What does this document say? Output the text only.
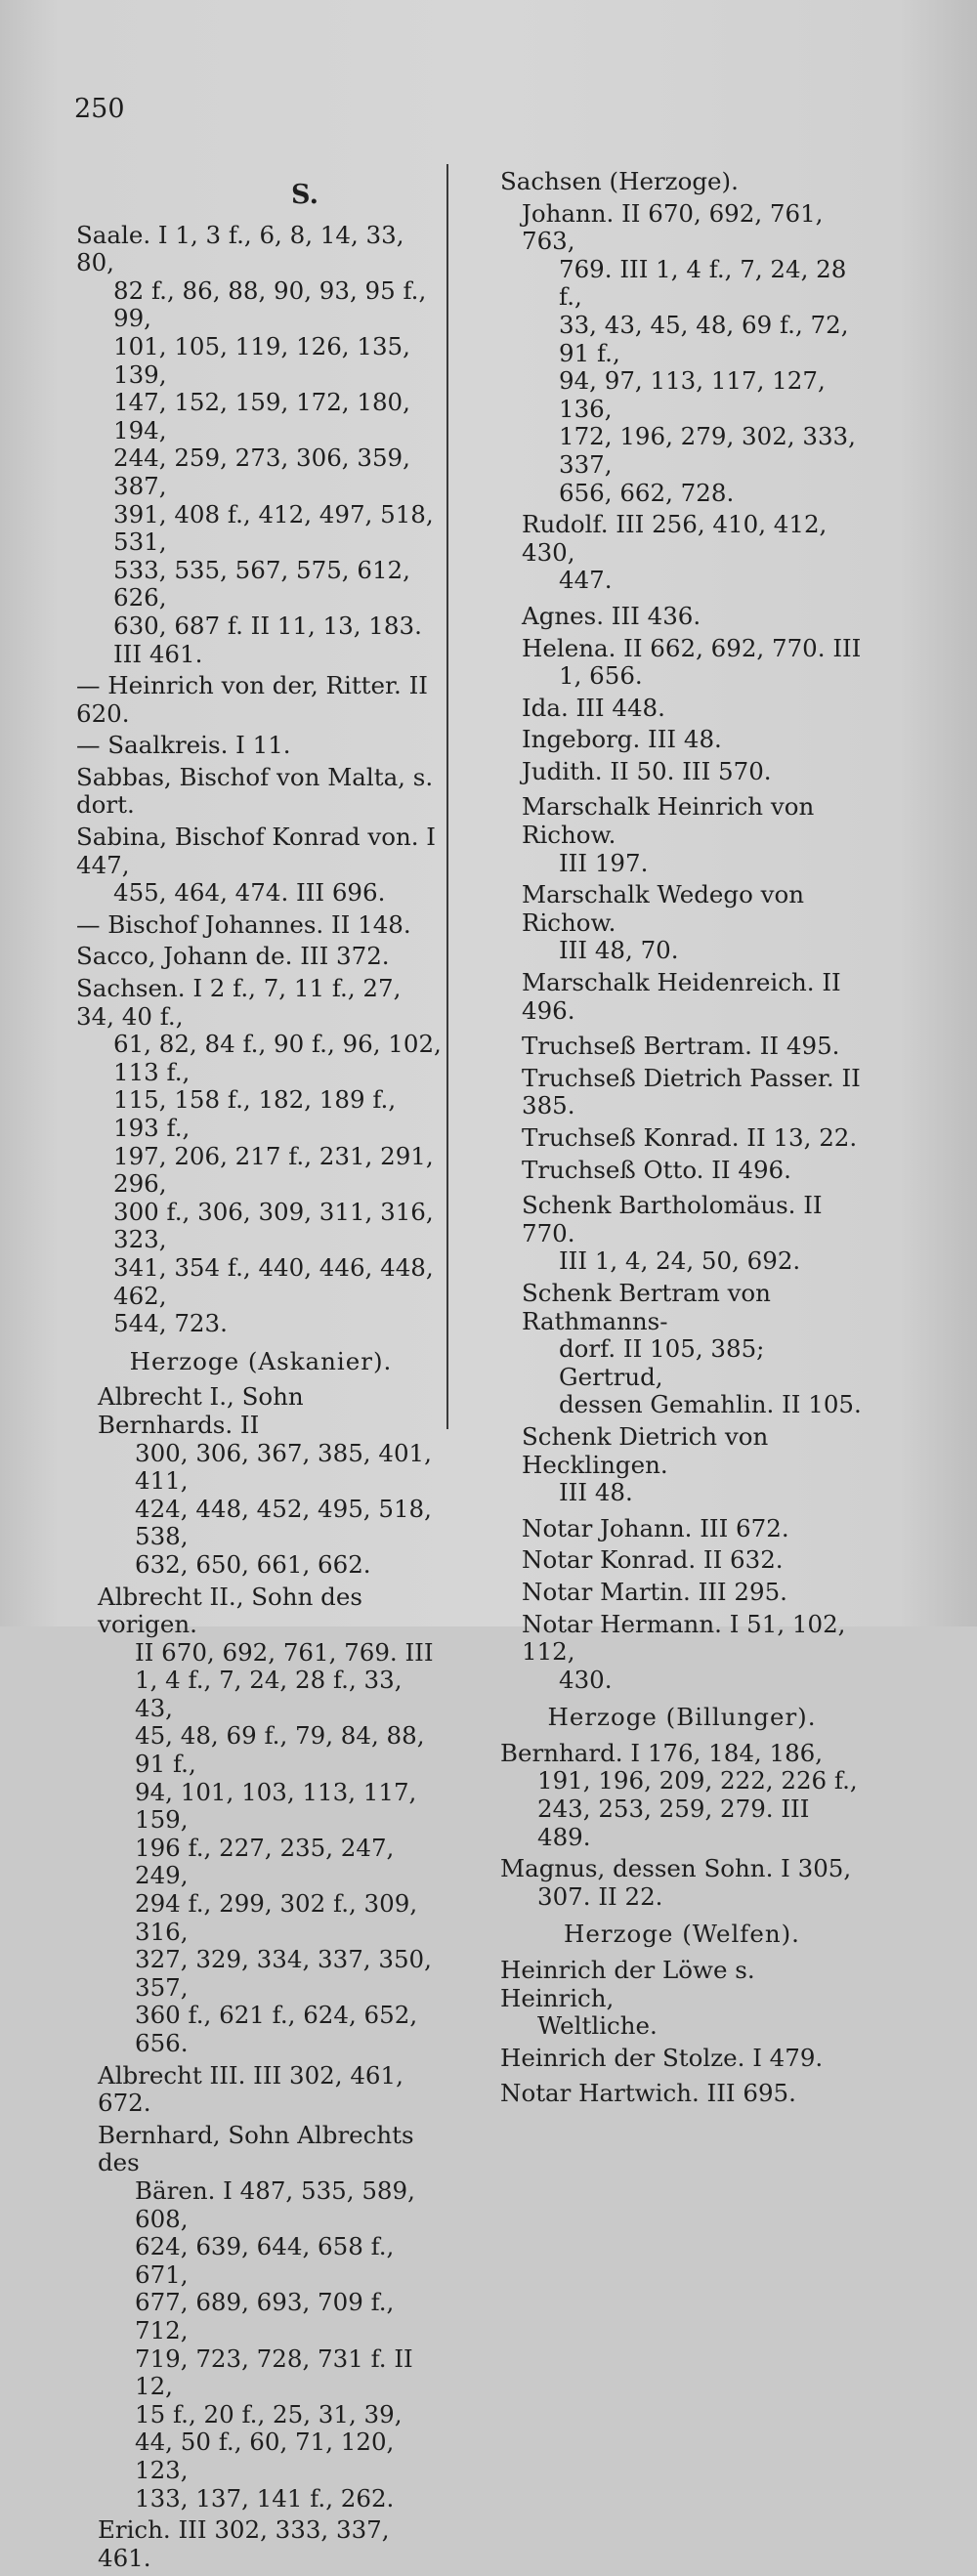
250
S.
Saale. I 1, 3 f., 6, 8, 14, 33, 80,
82 f., 86, 88, 90, 93, 95 f., 99,
101, 105, 119, 126, 135, 139,
147, 152, 159, 172, 180, 194,
244, 259, 273, 306, 359, 387,
391, 408 f., 412, 497, 518, 531,
533, 535, 567, 575, 612, 626,
630, 687 f. II 11, 13, 183.
III 461.
— Heinrich von der, Ritter. II 620.
— Saalkreis. I 11.
Sabbas, Bischof von Malta, s. dort.
Sabina, Bischof Konrad von. I 447,
455, 464, 474. III 696.
— Bischof Johannes. II 148.
Sacco, Johann de. III 372.
Sachsen. I 2 f., 7, 11 f., 27, 34, 40 f.,
61, 82, 84 f., 90 f., 96, 102, 113 f.,
115, 158 f., 182, 189 f., 193 f.,
197, 206, 217 f., 231, 291, 296,
300 f., 306, 309, 311, 316, 323,
341, 354 f., 440, 446, 448, 462,
544, 723.
Herzoge (Askanier).
Albrecht I., Sohn Bernhards. II
300, 306, 367, 385, 401, 411,
424, 448, 452, 495, 518, 538,
632, 650, 661, 662.
Albrecht II., Sohn des vorigen.
II 670, 692, 761, 769. III
1, 4 f., 7, 24, 28 f., 33, 43,
45, 48, 69 f., 79, 84, 88, 91 f.,
94, 101, 103, 113, 117, 159,
196 f., 227, 235, 247, 249,
294 f., 299, 302 f., 309, 316,
327, 329, 334, 337, 350, 357,
360 f., 621 f., 624, 652, 656.
Albrecht III. III 302, 461, 672.
Bernhard, Sohn Albrechts des
Bären. I 487, 535, 589, 608,
624, 639, 644, 658 f., 671,
677, 689, 693, 709 f., 712,
719, 723, 728, 731 f. II 12,
15 f., 20 f., 25, 31, 39,
44, 50 f., 60, 71, 120, 123,
133, 137, 141 f., 262.
Erich. III 302, 333, 337, 461.
Sachsen (Herzoge).
Johann. II 670, 692, 761, 763,
769. III 1, 4 f., 7, 24, 28 f.,
33, 43, 45, 48, 69 f., 72, 91 f.,
94, 97, 113, 117, 127, 136,
172, 196, 279, 302, 333, 337,
656, 662, 728.
Rudolf. III 256, 410, 412, 430,
447.
Agnes. III 436.
Helena. II 662, 692, 770. III
1, 656.
Ida. III 448.
Ingeborg. III 48.
Judith. II 50. III 570.
Marschalk Heinrich von Richow.
III 197.
Marschalk Wedego von Richow.
III 48, 70.
Marschalk Heidenreich. II 496.
Truchseß Bertram. II 495.
Truchseß Dietrich Passer. II 385.
Truchseß Konrad. II 13, 22.
Truchseß Otto. II 496.
Schenk Bartholomäus. II 770.
III 1, 4, 24, 50, 692.
Schenk Bertram von Rathmanns-
dorf. II 105, 385; Gertrud,
dessen Gemahlin. II 105.
Schenk Dietrich von Hecklingen.
III 48.
Notar Johann. III 672.
Notar Konrad. II 632.
Notar Martin. III 295.
Notar Hermann. I 51, 102, 112,
430.
Herzoge (Billunger).
Bernhard. I 176, 184, 186,
191, 196, 209, 222, 226 f.,
243, 253, 259, 279. III 489.
Magnus, dessen Sohn. I 305,
307. II 22.
Herzoge (Welfen).
Heinrich der Löwe s. Heinrich,
Weltliche.
Heinrich der Stolze. I 479.
Notar Hartwich. III 695.
